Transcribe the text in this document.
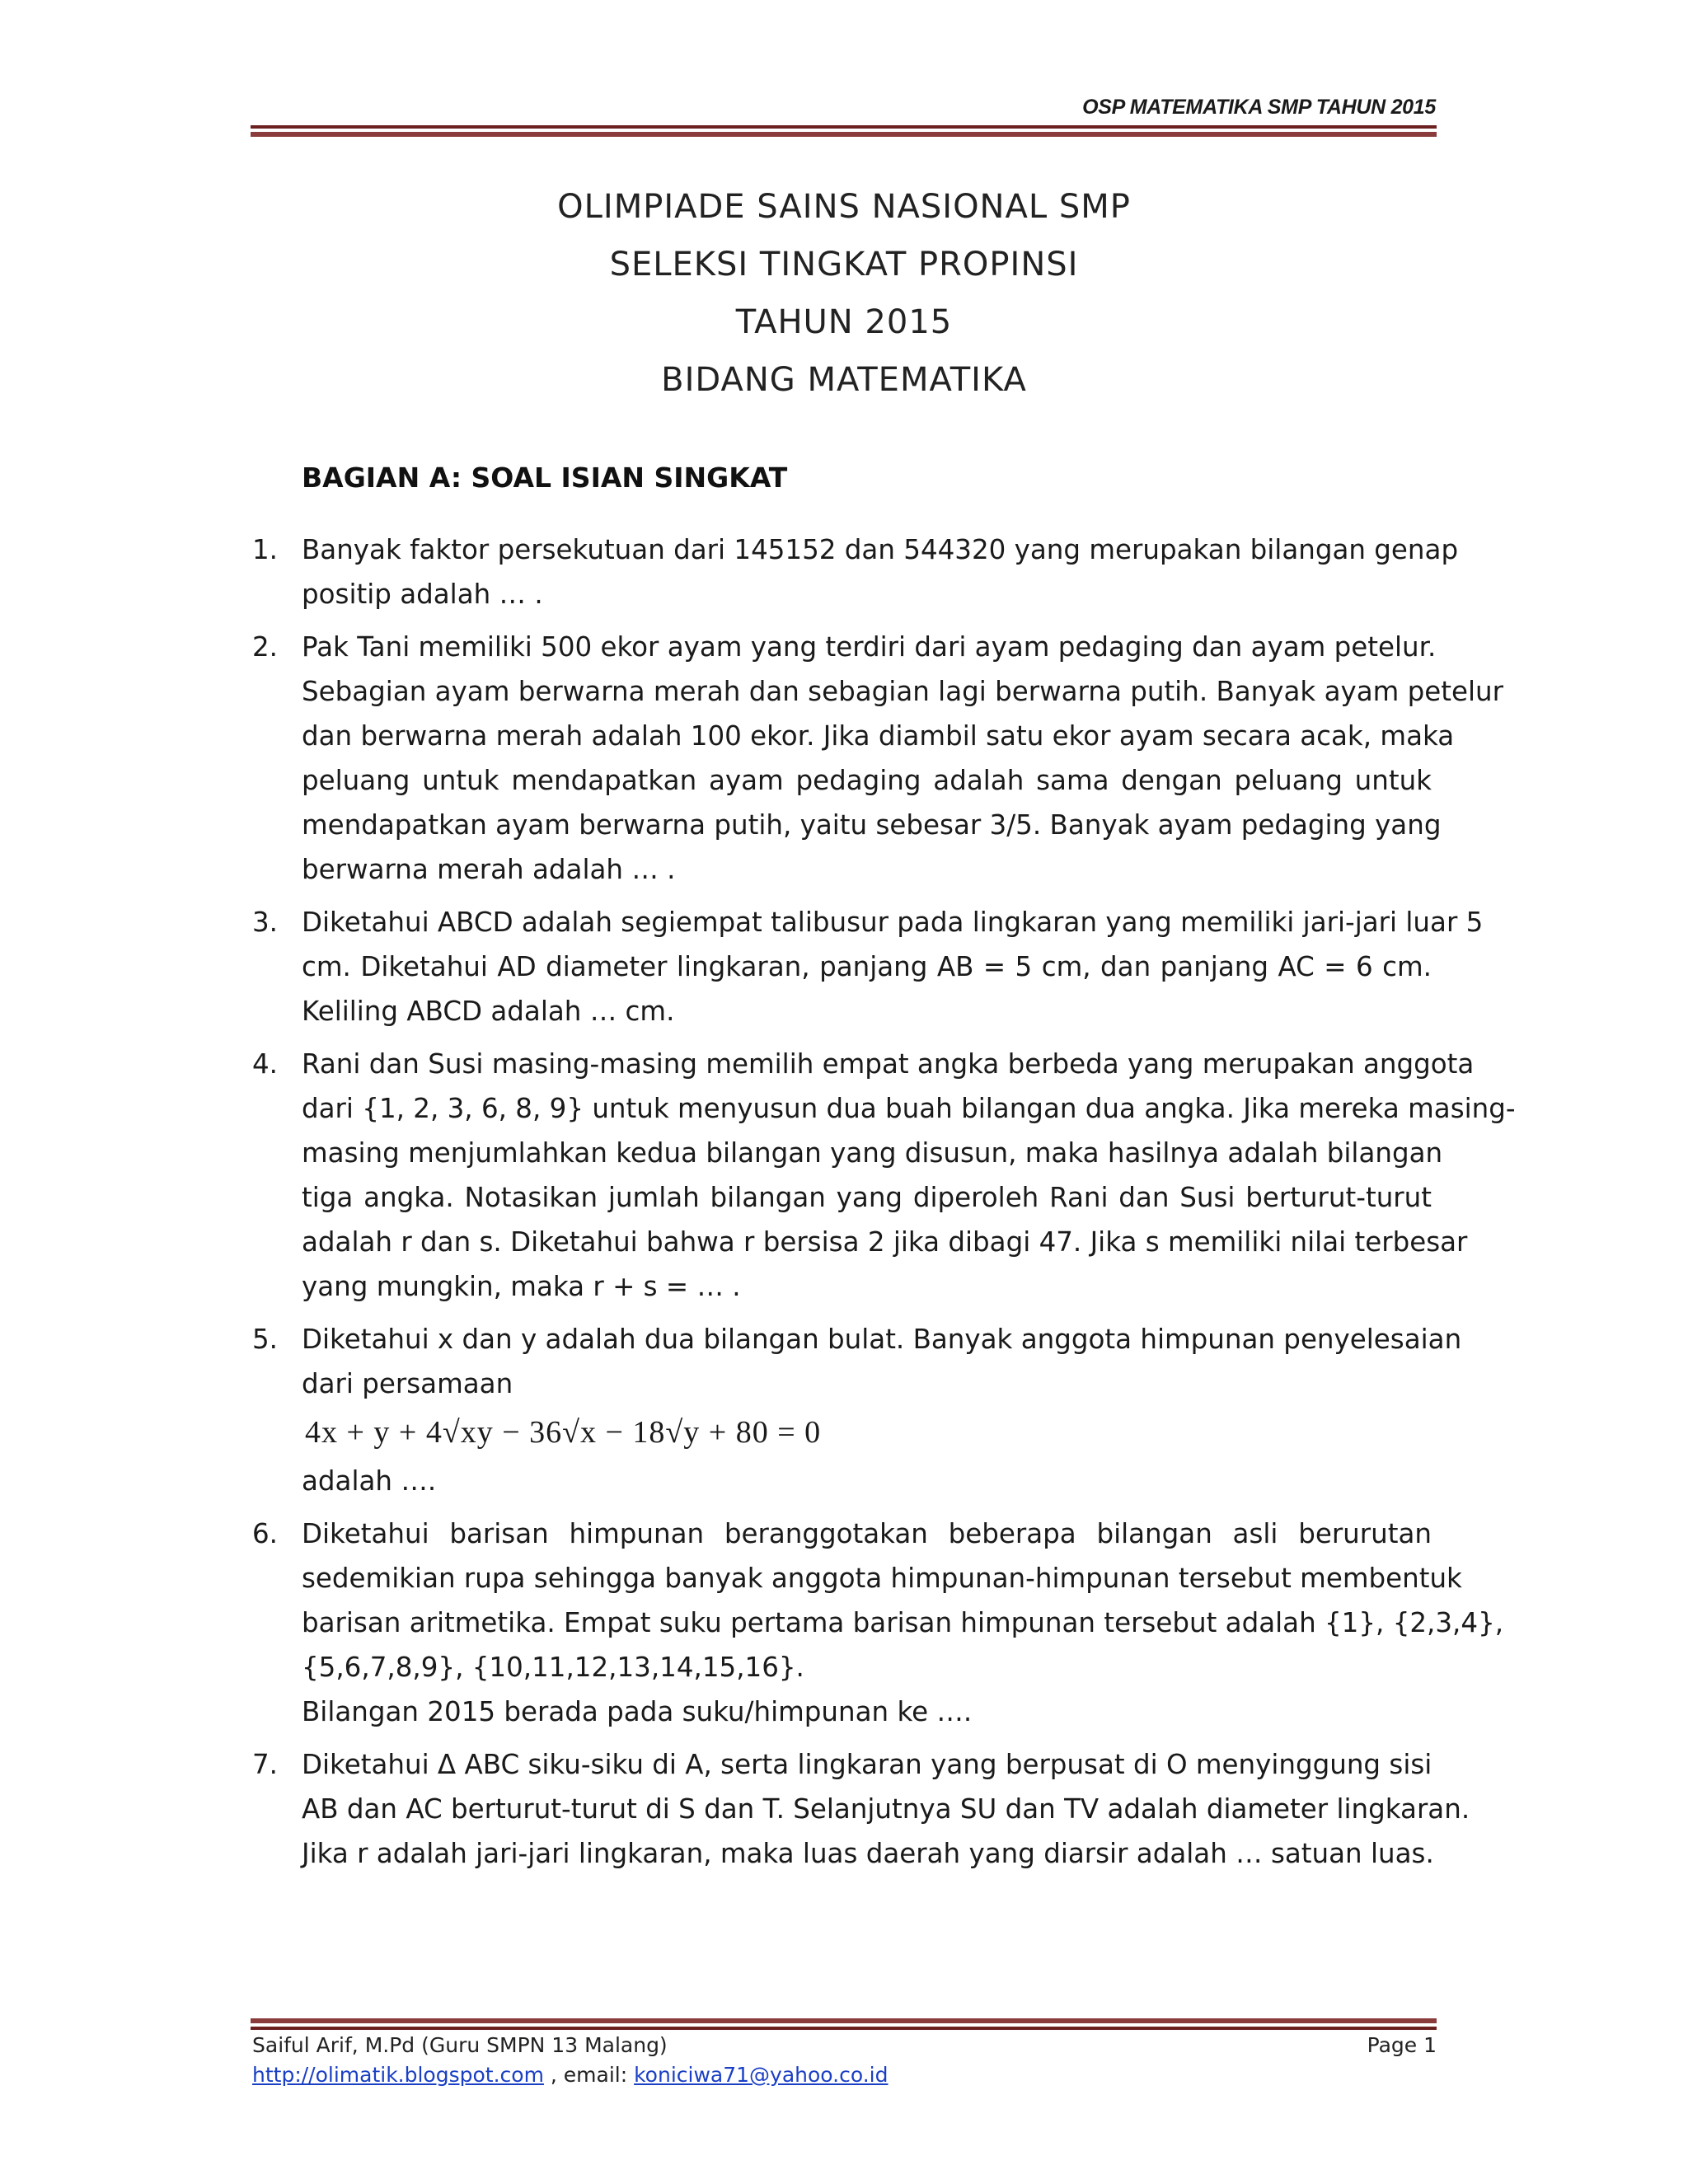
OSP MATEMATIKA SMP TAHUN 2015
OLIMPIADE SAINS NASIONAL SMP
SELEKSI TINGKAT PROPINSI
TAHUN 2015
BIDANG MATEMATIKA
BAGIAN A: SOAL ISIAN SINGKAT
1. Banyak faktor persekutuan dari 145152 dan 544320 yang merupakan bilangan genap
positip adalah … .
2. Pak Tani memiliki 500 ekor ayam yang terdiri dari ayam pedaging dan ayam petelur.
Sebagian ayam berwarna merah dan sebagian lagi berwarna putih. Banyak ayam petelur
dan berwarna merah adalah 100 ekor. Jika diambil satu ekor ayam secara acak, maka
peluang untuk mendapatkan ayam pedaging adalah sama dengan peluang untuk
mendapatkan ayam berwarna putih, yaitu sebesar 3/5. Banyak ayam pedaging yang
berwarna merah adalah … .
3. Diketahui ABCD adalah segiempat talibusur pada lingkaran yang memiliki jari-jari luar 5
cm. Diketahui AD diameter lingkaran, panjang AB = 5 cm, dan panjang AC = 6 cm.
Keliling ABCD adalah … cm.
4. Rani dan Susi masing-masing memilih empat angka berbeda yang merupakan anggota
dari {1, 2, 3, 6, 8, 9} untuk menyusun dua buah bilangan dua angka. Jika mereka masing-
masing menjumlahkan kedua bilangan yang disusun, maka hasilnya adalah bilangan
tiga angka. Notasikan jumlah bilangan yang diperoleh Rani dan Susi berturut-turut
adalah r dan s. Diketahui bahwa r bersisa 2 jika dibagi 47. Jika s memiliki nilai terbesar
yang mungkin, maka r + s = … .
5. Diketahui x dan y adalah dua bilangan bulat. Banyak anggota himpunan penyelesaian
dari persamaan
4x + y + 4√xy − 36√x − 18√y + 80 = 0
adalah ….
6. Diketahui barisan himpunan beranggotakan beberapa bilangan asli berurutan
sedemikian rupa sehingga banyak anggota himpunan-himpunan tersebut membentuk
barisan aritmetika. Empat suku pertama barisan himpunan tersebut adalah {1}, {2,3,4},
{5,6,7,8,9}, {10,11,12,13,14,15,16}.
Bilangan 2015 berada pada suku/himpunan ke ….
7. Diketahui Δ ABC siku-siku di A, serta lingkaran yang berpusat di O menyinggung sisi
AB dan AC berturut-turut di S dan T. Selanjutnya SU dan TV adalah diameter lingkaran.
Jika r adalah jari-jari lingkaran, maka luas daerah yang diarsir adalah … satuan luas.
Saiful Arif, M.Pd (Guru SMPN 13 Malang)	Page 1
http://olimatik.blogspot.com , email: koniciwa71@yahoo.co.id
